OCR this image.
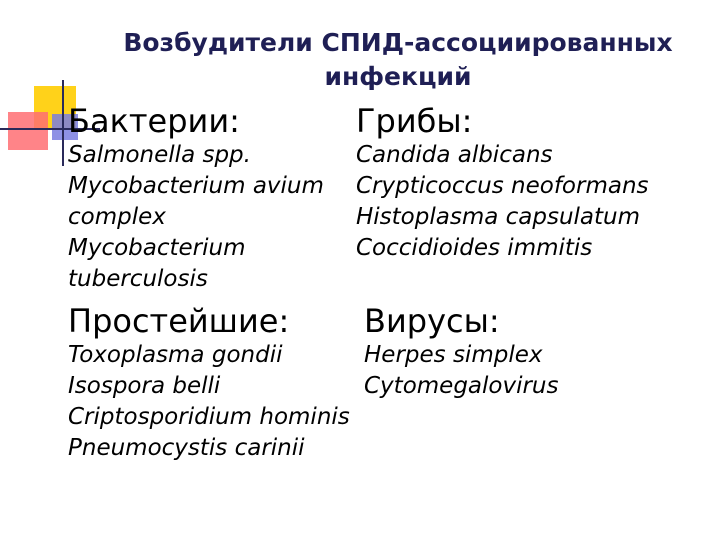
Возбудители СПИД-ассоциированных
инфекций
Бактерии:
Salmonella spp.
Mycobacterium avium
complex
Mycobacterium
tuberculosis
Грибы:
Candida albicans
Crypticoccus neoformans
Histoplasma capsulatum
Coccidioides immitis
Простейшие:
Toxoplasma gondii
Isospora belli
Criptosporidium hominis
Pneumocystis carinii
Вирусы:
Herpes simplex
Cytomegalovirus
